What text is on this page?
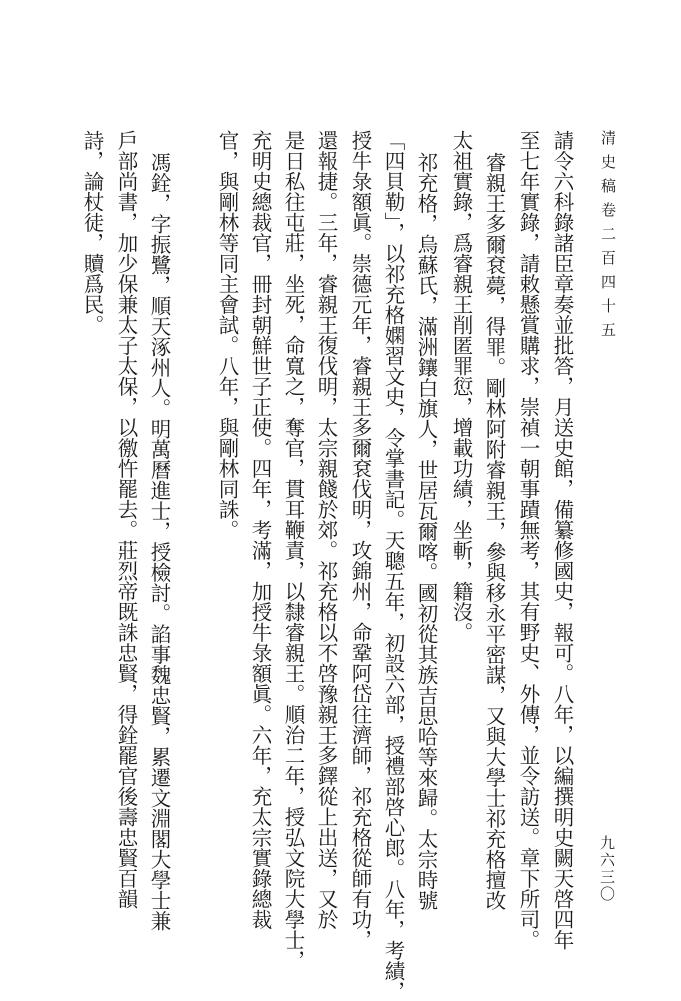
清史稿卷二百四十五
請令六科錄諸臣章奏並批答，月送史館，備纂修國史，報可。八年，以編撰明史闕天啓四年
至七年實錄，請敕懸賞購求，崇禎一朝事蹟無考，其有野史、外傳，並令訪送。章下所司。
睿親王多爾袞薨，得罪。剛林阿附睿親王，參與移永平密謀，又與大學士祁充格擅改
太祖實錄，爲睿親王削匿罪愆，增載功績，坐斬，籍沒。
祁充格，烏蘇氏，滿洲鑲白旗人，世居瓦爾喀。國初從其族吉思哈等來歸。太宗時號
「四貝勒」，以祁充格嫻習文史，令掌書記。天聰五年，初設六部，授禮部啓心郎。八年，考績，
授牛彔額眞。崇德元年，睿親王多爾袞伐明，攻錦州，命鞏阿岱往濟師，祁充格從師有功，
還報捷。三年，睿親王復伐明，太宗親餞於郊。祁充格以不啓豫親王多鐸從上出送，又於
是日私往屯莊，坐死，命寬之，奪官，貫耳鞭責，以隸睿親王。順治二年，授弘文院大學士，
充明史總裁官，冊封朝鮮世子正使。四年，考滿，加授牛彔額眞。六年，充太宗實錄總裁
官，與剛林等同主會試。八年，與剛林同誅。
馮銓，字振鷺，順天涿州人。明萬曆進士，授檢討。諂事魏忠賢，累遷文淵閣大學士兼
戶部尚書，加少保兼太子太保，以徼忤罷去。莊烈帝既誅忠賢，得銓罷官後壽忠賢百韻
詩，論杖徒，贖爲民。
九六三〇
